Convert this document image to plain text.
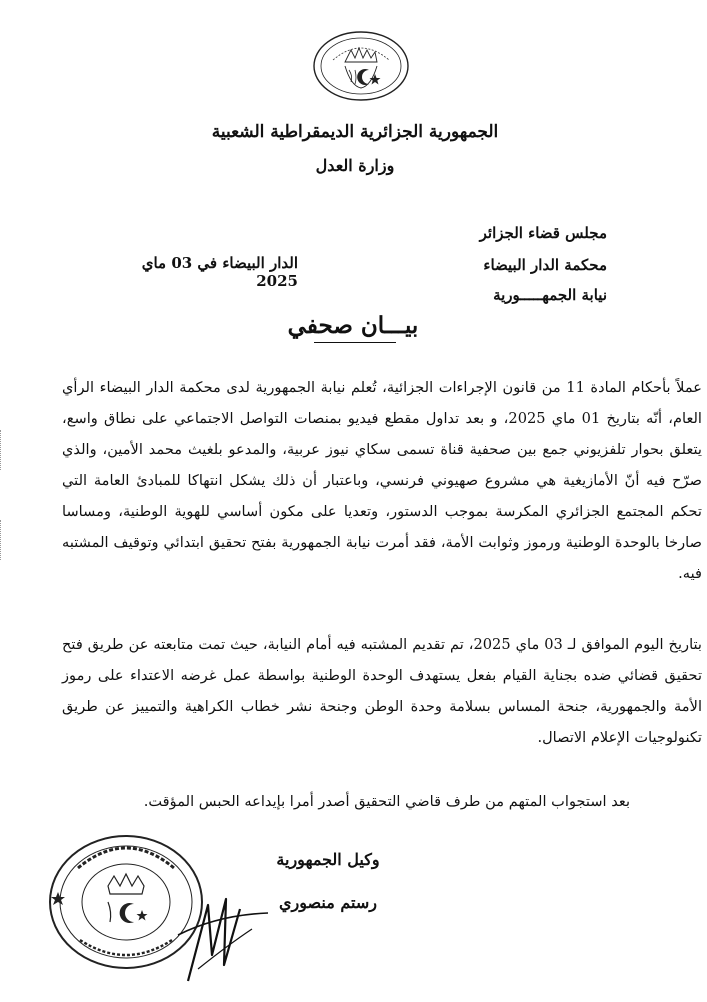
الجمهورية الجزائرية الديمقراطية الشعبية
وزارة العدل
مجلس قضاء الجزائر
محكمة الدار البيضاء
نيابة الجمهـــــورية
الدار البيضاء في 03 ماي 2025
بيـــان صحفي
عملاً بأحكام المادة 11 من قانون الإجراءات الجزائية، تُعلم نيابة الجمهورية لدى محكمة الدار البيضاء الرأي العام، أنّه بتاريخ 01 ماي 2025، و بعد تداول مقطع فيديو بمنصات التواصل الاجتماعي على نطاق واسع، يتعلق بحوار تلفزيوني جمع بين صحفية قناة تسمى سكاي نيوز عربية، والمدعو بلغيث محمد الأمين، والذي صرّح فيه أنّ الأمازيغية هي مشروع صهيوني فرنسي، وباعتبار أن ذلك يشكل انتهاكا للمبادئ العامة التي تحكم المجتمع الجزائري المكرسة بموجب الدستور، وتعديا على مكون أساسي للهوية الوطنية، ومساسا صارخا بالوحدة الوطنية ورموز وثوابت الأمة، فقد أمرت نيابة الجمهورية بفتح تحقيق ابتدائي وتوقيف المشتبه فيه.
بتاريخ اليوم الموافق لـ 03 ماي 2025، تم تقديم المشتبه فيه أمام النيابة، حيث تمت متابعته عن طريق فتح تحقيق قضائي ضده بجناية القيام بفعل يستهدف الوحدة الوطنية بواسطة عمل غرضه الاعتداء على رموز الأمة والجمهورية، جنحة المساس بسلامة وحدة الوطن وجنحة نشر خطاب الكراهية والتمييز عن طريق تكنولوجيات الإعلام الاتصال.
بعد استجواب المتهم من طرف قاضي التحقيق أصدر أمرا بإيداعه الحبس المؤقت.
وكيل الجمهورية
رستم منصوري
